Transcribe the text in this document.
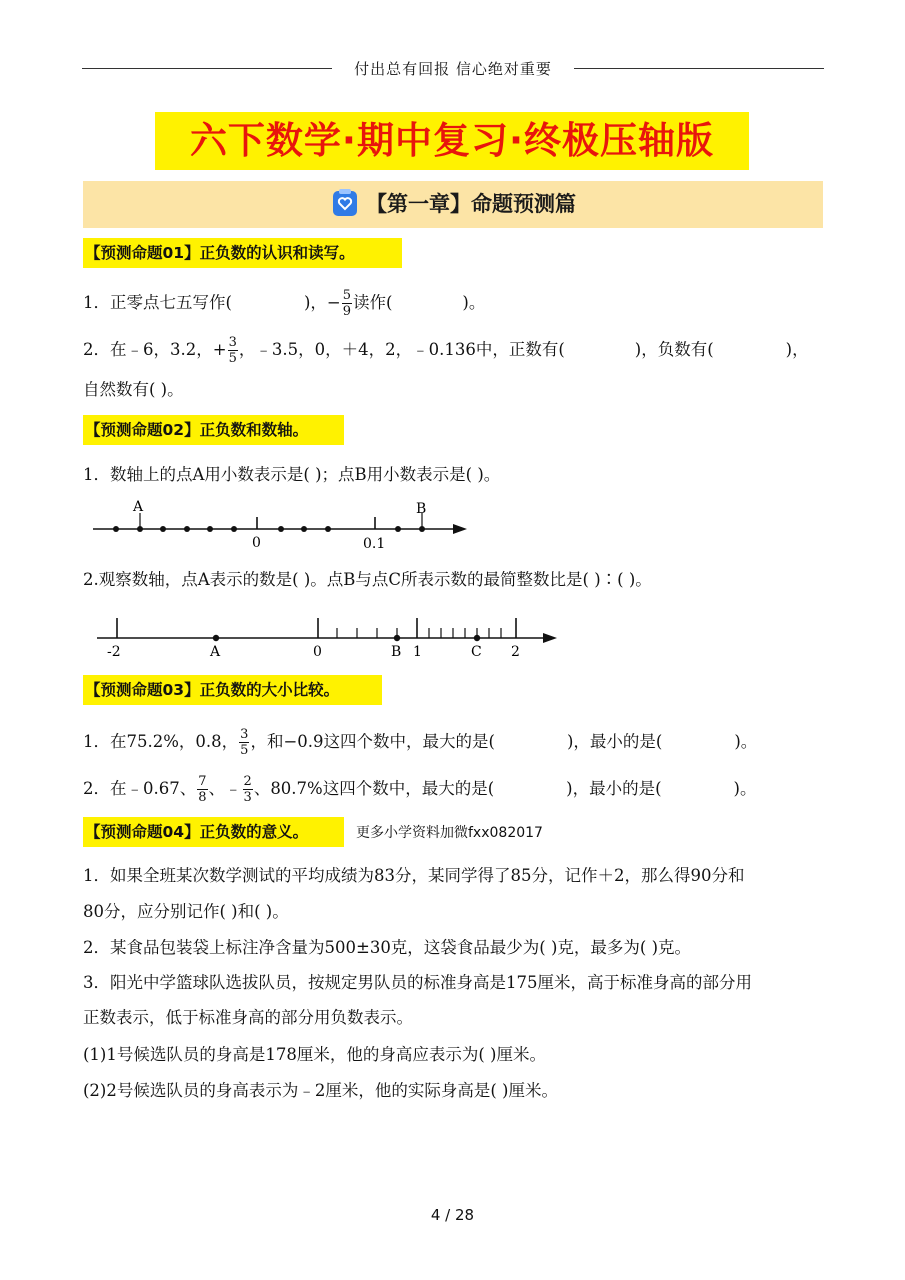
付出总有回报 信心绝对重要
六下数学·期中复习·终极压轴版
【第一章】命题预测篇
【预测命题01】正负数的认识和读写。
1．正零点七五写作(	)，− $\frac{5}{9}$ 读作(	)。
2．在﹣6，3.2，+ $\frac{3}{5}$ ，﹣3.5，0，＋4，2，﹣0.136中，正数有(	)，负数有(	)，
自然数有( )。
【预测命题02】正负数和数轴。
1．数轴上的点A用小数表示是( )；点B用小数表示是( )。
A	B
0	0.1
2.观察数轴，点A表示的数是( )。点B与点C所表示数的最简整数比是( )∶( )。
-2	A	0	B 1	C 2
【预测命题03】正负数的大小比较。
1．在75.2%，0.8， $\frac{3}{5}$ ，和−0.9这四个数中，最大的是(	)，最小的是(	)。
2．在﹣0.67、 $\frac{7}{8}$ 、﹣ $\frac{2}{3}$ 、80.7%这四个数中，最大的是(	)，最小的是(	)。
【预测命题04】正负数的意义。	更多小学资料加微fxx082017
1．如果全班某次数学测试的平均成绩为83分，某同学得了85分，记作＋2，那么得90分和
80分，应分别记作( )和( )。
2．某食品包装袋上标注净含量为500±30克，这袋食品最少为( )克，最多为( )克。
3．阳光中学篮球队选拔队员，按规定男队员的标准身高是175厘米，高于标准身高的部分用
正数表示，低于标准身高的部分用负数表示。
(1)1号候选队员的身高是178厘米，他的身高应表示为( )厘米。
(2)2号候选队员的身高表示为﹣2厘米，他的实际身高是( )厘米。
4 / 28
